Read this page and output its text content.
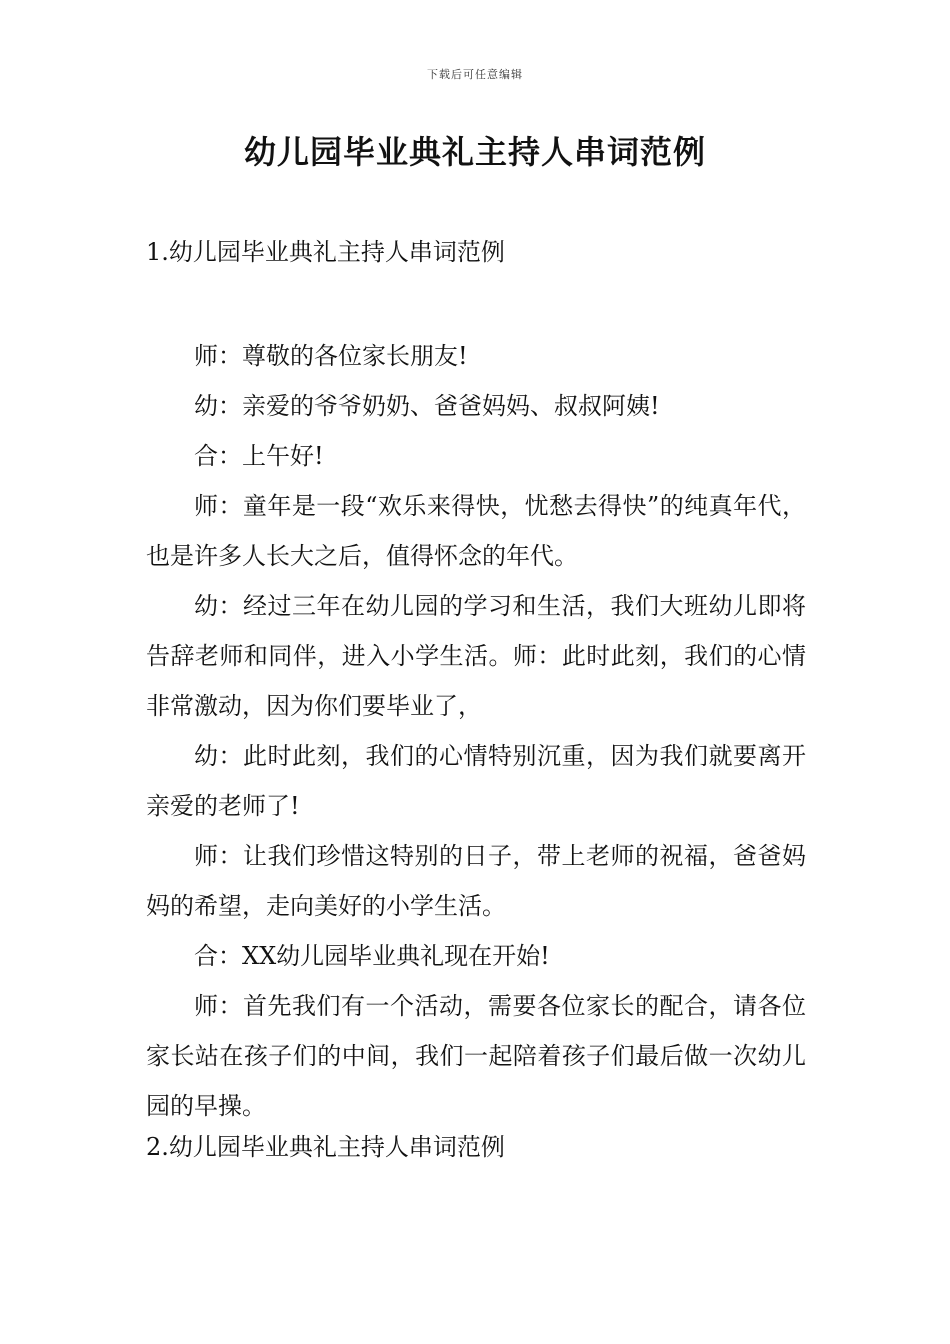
下载后可任意编辑
幼儿园毕业典礼主持人串词范例
1.幼儿园毕业典礼主持人串词范例

师：尊敬的各位家长朋友!

幼：亲爱的爷爷奶奶、爸爸妈妈、叔叔阿姨!

合：上午好!

师：童年是一段“欢乐来得快，忧愁去得快”的纯真年代，也是许多人长大之后，值得怀念的年代。

幼：经过三年在幼儿园的学习和生活，我们大班幼儿即将告辞老师和同伴，进入小学生活。师：此时此刻，我们的心情非常激动，因为你们要毕业了，

幼：此时此刻，我们的心情特别沉重，因为我们就要离开亲爱的老师了!

师：让我们珍惜这特别的日子，带上老师的祝福，爸爸妈妈的希望，走向美好的小学生活。

合：XX幼儿园毕业典礼现在开始!

师：首先我们有一个活动，需要各位家长的配合，请各位家长站在孩子们的中间，我们一起陪着孩子们最后做一次幼儿园的早操。

2.幼儿园毕业典礼主持人串词范例
